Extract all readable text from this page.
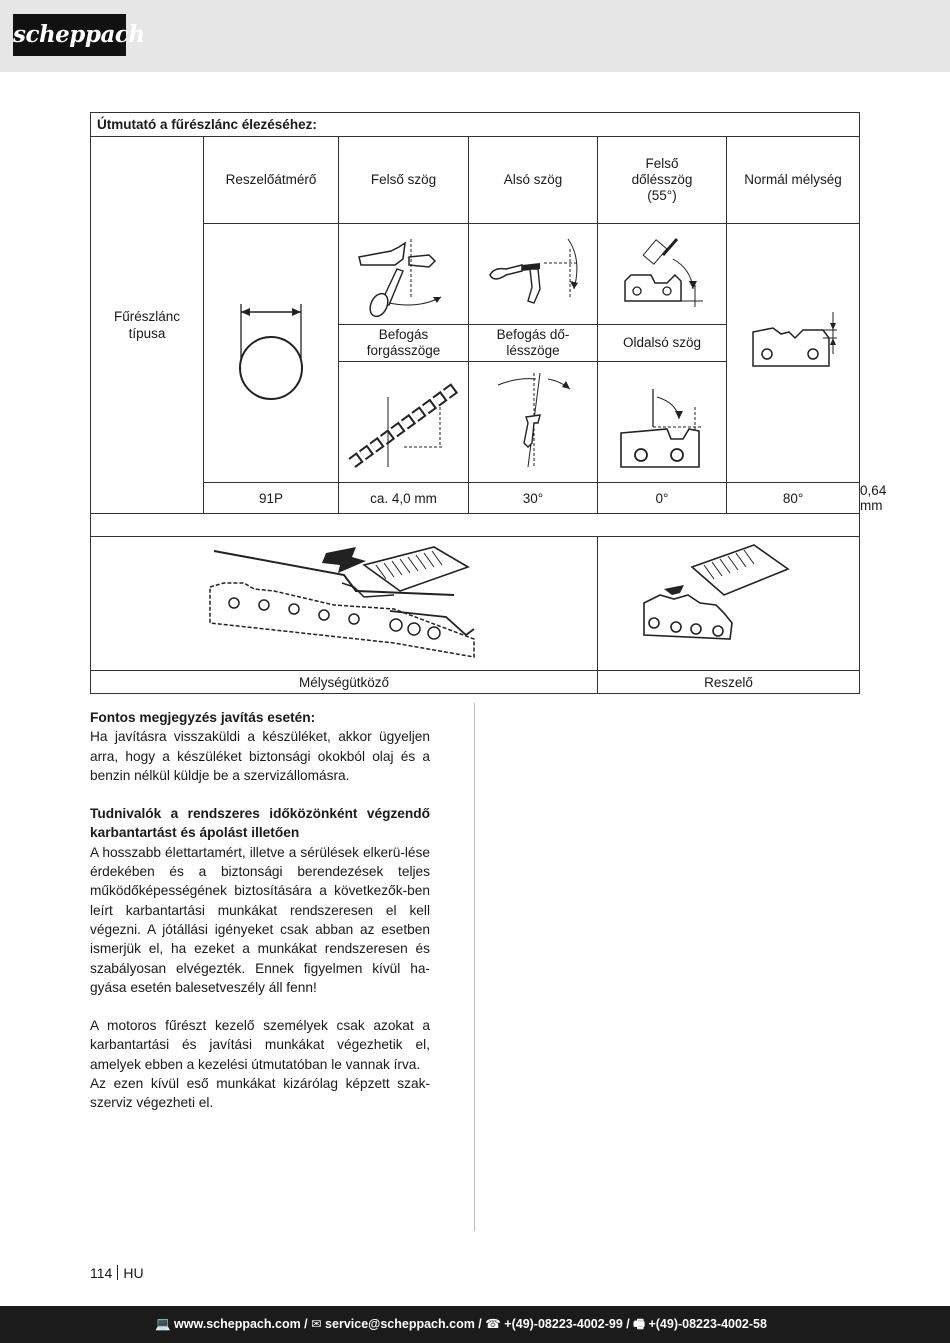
scheppach
Útmutató a fűrészlánc élezéséhez:						
Fűrészlánc típusa	Reszelőátmérő	Felső szög	Alsó szög	Felső dőlésszög (55°)	Normál mélység	

		Befogás forgásszöge	Befogás dő-lésszöge	Oldalsó szög		

	91P	ca. 4,0 mm	30°	0°	80°	0,64 mm

Mélységütköző				Reszelő		

Fontos megjegyzés javítás esetén:

Ha javításra visszaküldi a készüléket, akkor ügyeljen arra, hogy a készüléket biztonsági okokból olaj és a benzin nélkül küldje be a szervizállomásra.

Tudnivalók a rendszeres időközönként végzendő karbantartást és ápolást illetően

A hosszabb élettartamért, illetve a sérülések elkerü-lése érdekében és a biztonsági berendezések teljes működőképességének biztosítására a következők-ben leírt karbantartási munkákat rendszeresen el kell végezni. A jótállási igényeket csak abban az esetben ismerjük el, ha ezeket a munkákat rendszeresen és szabályosan elvégezték. Ennek figyelmen kívül ha-gyása esetén balesetveszély áll fenn!

A motoros fűrészt kezelő személyek csak azokat a karbantartási és javítási munkákat végezhetik el, amelyek ebben a kezelési útmutatóban le vannak írva.

Az ezen kívül eső munkákat kizárólag képzett szak-szerviz végezheti el.

114 HU
💻 www.scheppach.com / ✉ service@scheppach.com / ☎ +(49)-08223-4002-99 / 🖷 +(49)-08223-4002-58
